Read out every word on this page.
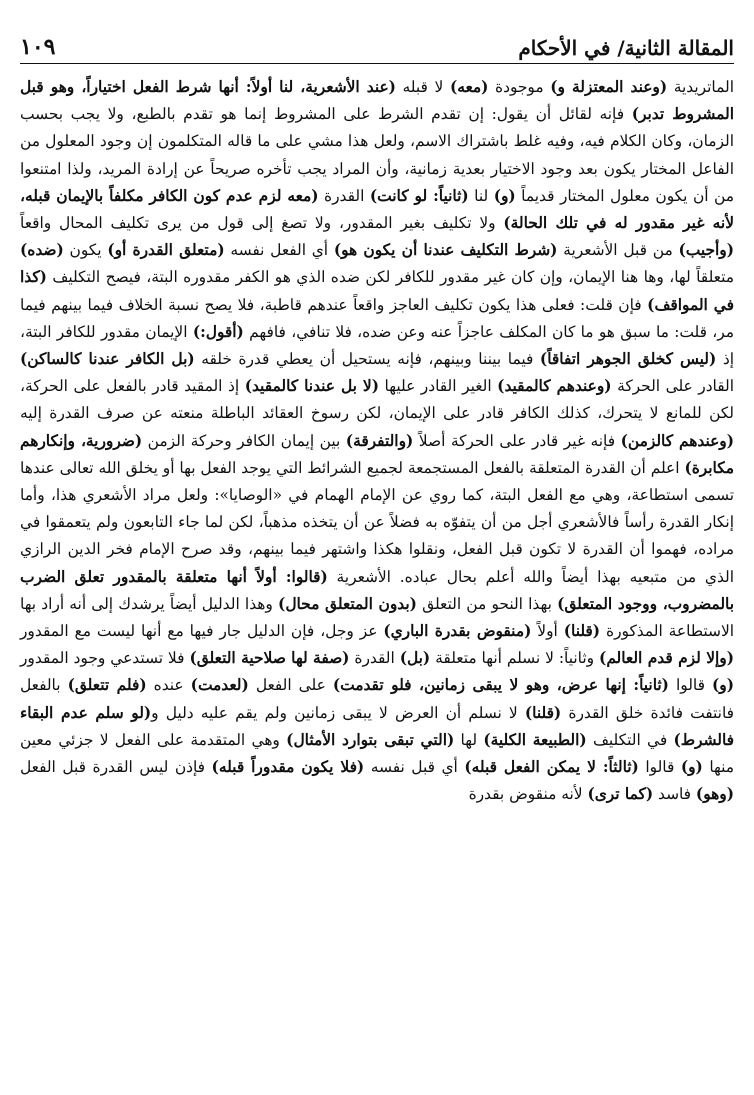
المقالة الثانية/ في الأحكام
١٠٩
الماتريدية (وعند المعتزلة و) موجودة (معه) لا قبله (عند الأشعرية، لنا أولاً: أنها شرط الفعل اختياراً، وهو قبل المشروط تدبر) فإنه لقائل أن يقول: إن تقدم الشرط على المشروط إنما هو تقدم بالطبع، ولا يجب بحسب الزمان، وكان الكلام فيه، وفيه غلط باشتراك الاسم، ولعل هذا مشي على ما قاله المتكلمون إن وجود المعلول من الفاعل المختار يكون بعد وجود الاختيار بعدية زمانية، وأن المراد يجب تأخره صريحاً عن إرادة المريد، ولذا امتنعوا من أن يكون معلول المختار قديماً (و) لنا (ثانياً: لو كانت) القدرة (معه لزم عدم كون الكافر مكلفاً بالإيمان قبله، لأنه غير مقدور له في تلك الحالة) ولا تكليف بغير المقدور، ولا تصغ إلى قول من يرى تكليف المحال واقعاً (وأجيب) من قبل الأشعرية (شرط التكليف عندنا أن يكون هو) أي الفعل نفسه (متعلق القدرة أو) يكون (ضده) متعلقاً لها، وها هنا الإيمان، وإن كان غير مقدور للكافر لكن ضده الذي هو الكفر مقدوره البتة، فيصح التكليف (كذا في المواقف) فإن قلت: فعلى هذا يكون تكليف العاجز واقعاً عندهم قاطبة، فلا يصح نسبة الخلاف فيما بينهم فيما مر، قلت: ما سبق هو ما كان المكلف عاجزاً عنه وعن ضده، فلا تنافي، فافهم (أقول:) الإيمان مقدور للكافر البتة، إذ (ليس كخلق الجوهر اتفاقاً) فيما بيننا وبينهم، فإنه يستحيل أن يعطي قدرة خلقه (بل الكافر عندنا كالساكن) القادر على الحركة (وعندهم كالمقيد) الغير القادر عليها (لا بل عندنا كالمقيد) إذ المقيد قادر بالفعل على الحركة، لكن للمانع لا يتحرك، كذلك الكافر قادر على الإيمان، لكن رسوخ العقائد الباطلة منعته عن صرف القدرة إليه (وعندهم كالزمن) فإنه غير قادر على الحركة أصلاً (والتفرقة) بين إيمان الكافر وحركة الزمن (ضرورية، وإنكارهم مكابرة) اعلم أن القدرة المتعلقة بالفعل المستجمعة لجميع الشرائط التي يوجد الفعل بها أو يخلق الله تعالى عندها تسمى استطاعة، وهي مع الفعل البتة، كما روي عن الإمام الهمام في «الوصايا»: ولعل مراد الأشعري هذا، وأما إنكار القدرة رأساً فالأشعري أجل من أن يتفوّه به فضلاً عن أن يتخذه مذهباً، لكن لما جاء التابعون ولم يتعمقوا في مراده، فهموا أن القدرة لا تكون قبل الفعل، ونقلوا هكذا واشتهر فيما بينهم، وقد صرح الإمام فخر الدين الرازي الذي من متبعيه بهذا أيضاً والله أعلم بحال عباده. الأشعرية (قالوا: أولاً أنها متعلقة بالمقدور تعلق الضرب بالمضروب، ووجود المتعلق) بهذا النحو من التعلق (بدون المتعلق محال) وهذا الدليل أيضاً يرشدك إلى أنه أراد بها الاستطاعة المذكورة (قلنا) أولاً (منقوض بقدرة الباري) عز وجل، فإن الدليل جار فيها مع أنها ليست مع المقدور (وإلا لزم قدم العالم) وثانياً: لا نسلم أنها متعلقة (بل) القدرة (صفة لها صلاحية التعلق) فلا تستدعي وجود المقدور (و) قالوا (ثانياً: إنها عرض، وهو لا يبقى زمانين، فلو تقدمت) على الفعل (لعدمت) عنده (فلم تتعلق) بالفعل فانتفت فائدة خلق القدرة (قلنا) لا نسلم أن العرض لا يبقى زمانين ولم يقم عليه دليل و(لو سلم عدم البقاء فالشرط) في التكليف (الطبيعة الكلية) لها (التي تبقى بتوارد الأمثال) وهي المتقدمة على الفعل لا جزئي معين منها (و) قالوا (ثالثاً: لا يمكن الفعل قبله) أي قبل نفسه (فلا يكون مقدوراً قبله) فإذن ليس القدرة قبل الفعل (وهو) فاسد (كما ترى) لأنه منقوض بقدرة
